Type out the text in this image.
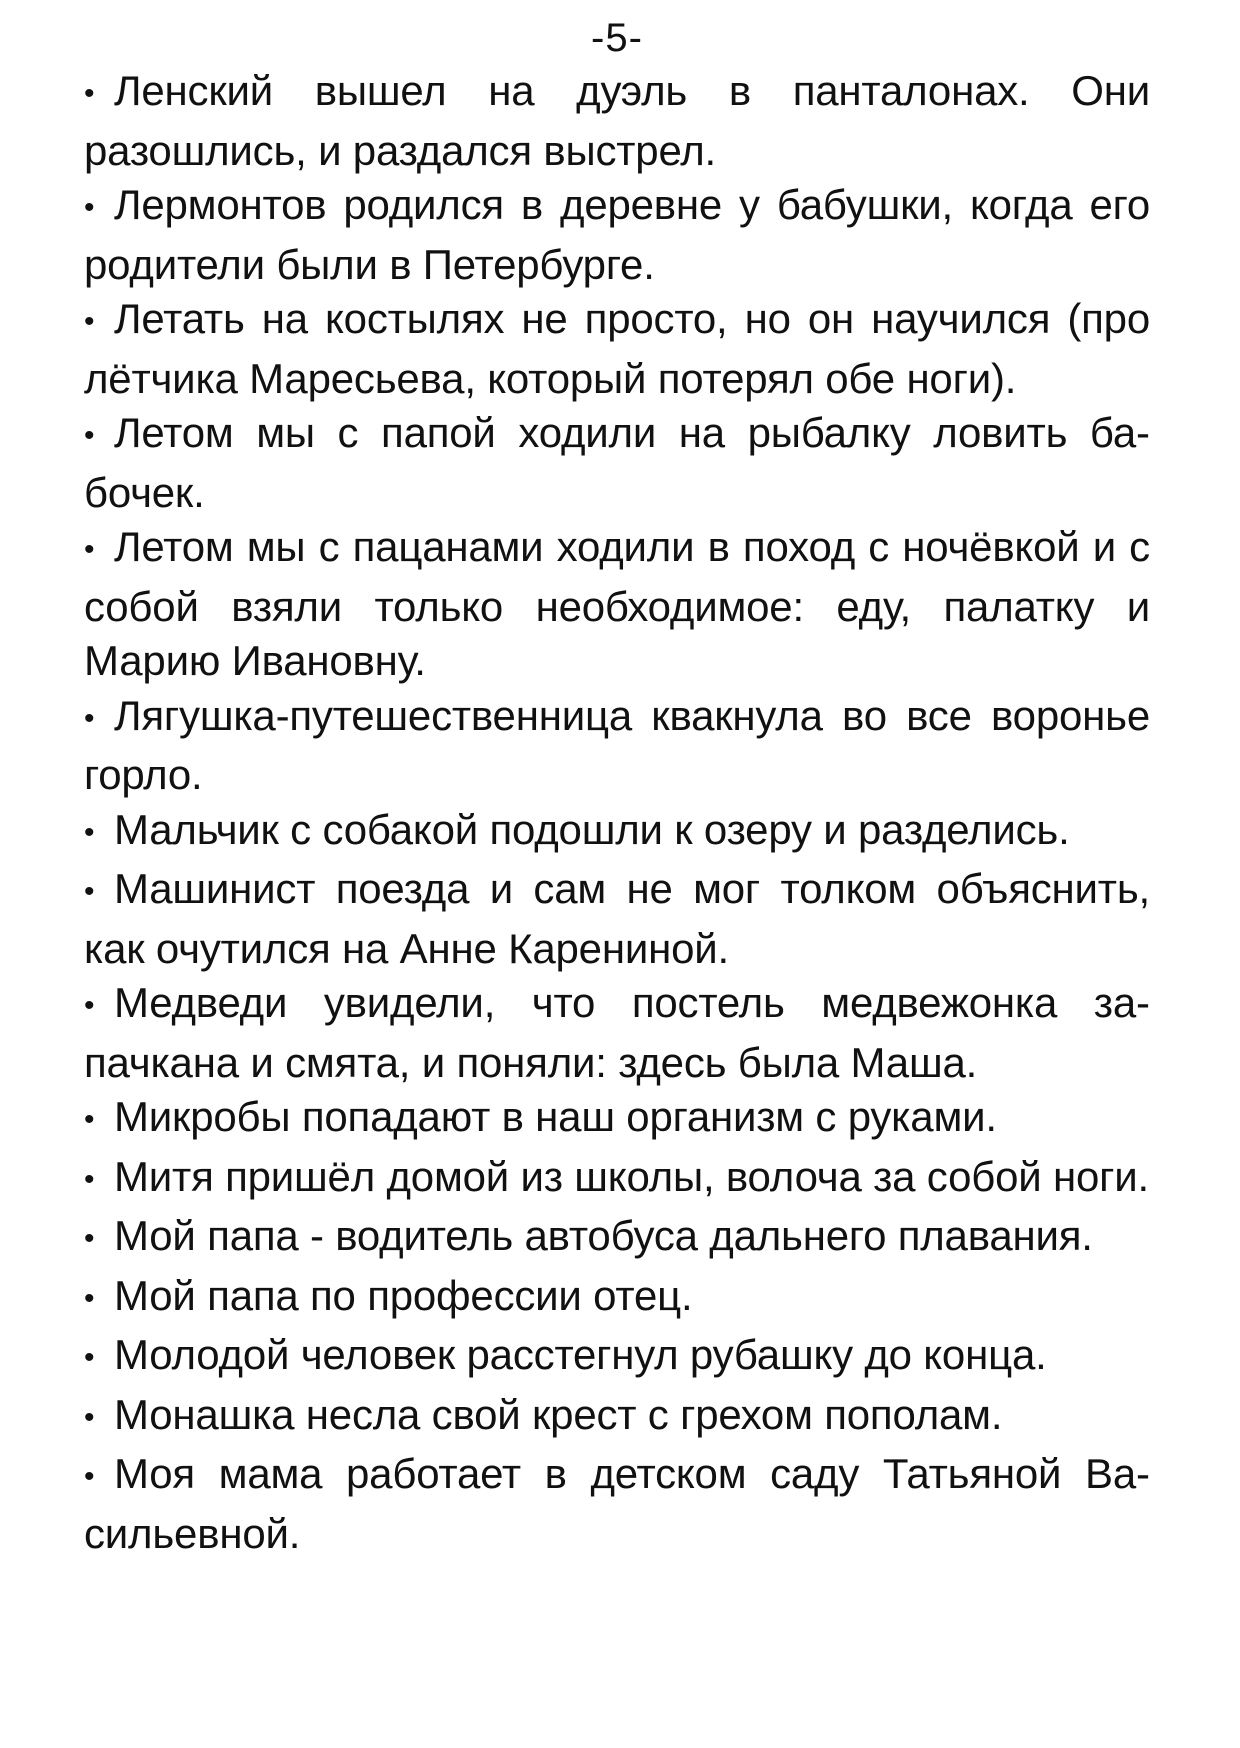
-5-
• Ленский вышел на дуэль в панталонах. Они разошлись, и раздался выстрел.
• Лермонтов родился в деревне у бабушки, когда его родители были в Петербурге.
• Летать на костылях не просто, но он научился (про лётчика Маресьева, который потерял обе ноги).
• Летом мы с папой ходили на рыбалку ловить бабочек.
• Летом мы с пацанами ходили в поход с ночёвкой и с собой взяли только необходимое: еду, палатку и Марию Ивановну.
• Лягушка-путешественница квакнула во все воронье горло.
• Мальчик с собакой подошли к озеру и разделись.
• Машинист поезда и сам не мог толком объяснить, как очутился на Анне Карениной.
• Медведи увидели, что постель медвежонка запачкана и смята, и поняли: здесь была Маша.
• Микробы попадают в наш организм с руками.
• Митя пришёл домой из школы, волоча за собой ноги.
• Мой папа - водитель автобуса дальнего плавания.
• Мой папа по профессии отец.
• Молодой человек расстегнул рубашку до конца.
• Монашка несла свой крест с грехом пополам.
• Моя мама работает в детском саду Татьяной Васильевной.
